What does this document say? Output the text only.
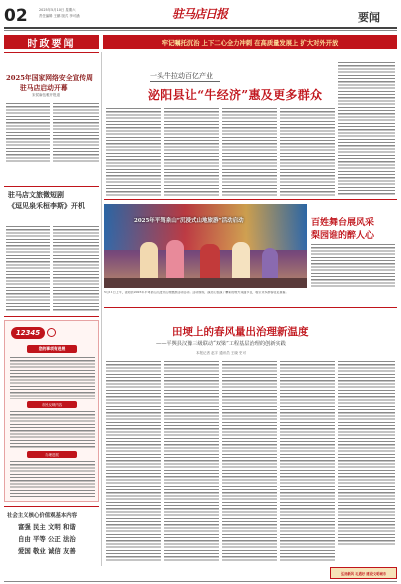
02	2025年5月10日 星期六
责任编辑 王鹏 版式 李可涵	驻马店日报	要闻
时政要闻	牢记嘱托沉治 上下二心全力冲刺 在高质量发展上 扩大对外开放
2025年国家网络安全宣传周
驻马店启动开幕
宋侯麻伍雅开报道
驻马店文旅微短剧
《逗见泉禾桓李斯》开机
12345
您的事项有进展
市民反映内容
办理进展
社会主义核心价值观基本内容
富强 民主 文明 和谐
自由 平等 公正 法治
爱国 敬业 诚信 友善
一头牛拉动百亿产业
泌阳县让“牛经济”惠及更多群众
2025年平驾泉山“沉浸式山地旅游”活动启动	百姓舞台展风采
梨园谁的醉人心
5月11日上午，泌阳县2025年平驾泉山沉浸式山地旅游活动启动。活动现场，演员们表演了精彩的地方戏曲节目，吸引众多游客驻足观看。
田埂上的春风量出治理新温度
——平舆县汉豫三级联动“双梁”工程基层治理的创新实践
本报记者 赵宇 通讯员 王晓 史可
弘扬新风 礼遇好 建设文明城市
